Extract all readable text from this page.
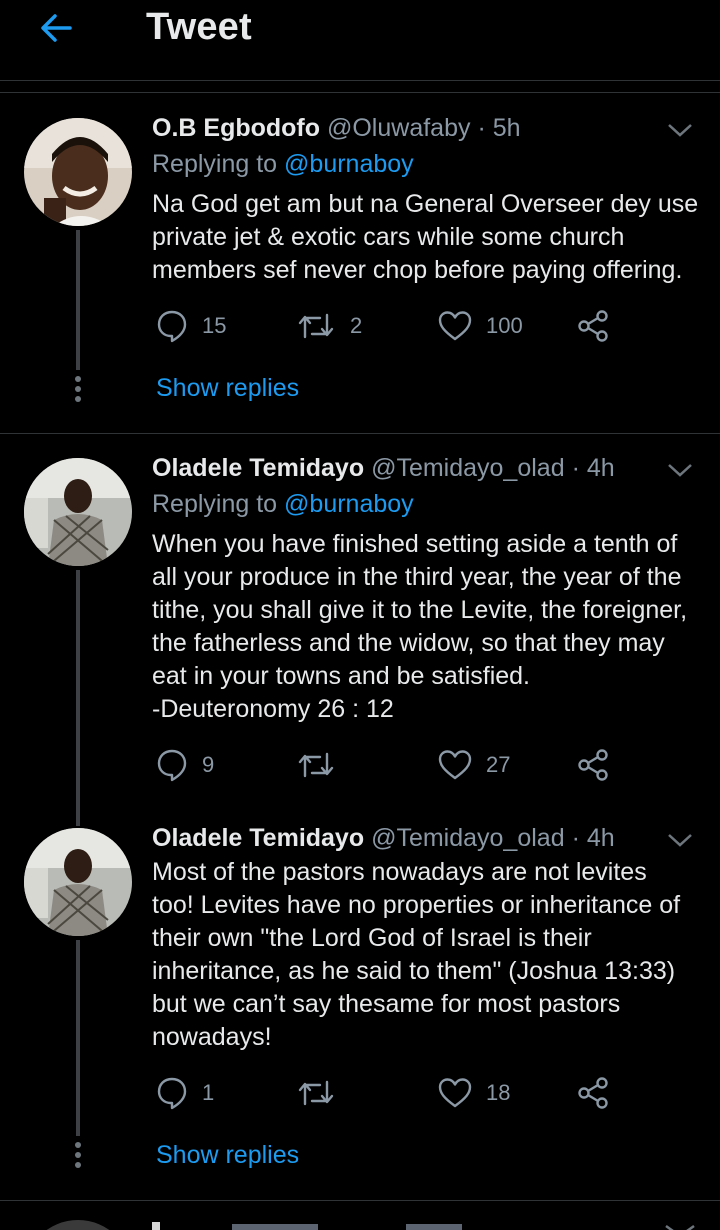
Tweet
O.B Egbodofo @Oluwafaby · 5h
Replying to @burnaboy
Na God get am but na General Overseer dey use private jet & exotic cars while some church members sef never chop before paying offering.
15	2	100
Show replies
Oladele Temidayo @Temidayo_olad · 4h
Replying to @burnaboy
When you have finished setting aside a tenth of
all your produce in the third year, the year of the
tithe, you shall give it to the Levite, the foreigner,
the fatherless and the widow, so that they may
eat in your towns and be satisfied.
-Deuteronomy 26 : 12
9	27
Oladele Temidayo @Temidayo_olad · 4h
Most of the pastors nowadays are not levites
too! Levites have no properties or inheritance of
their own "the Lord God of Israel is their
inheritance, as he said to them" (Joshua 13:33)
but we can’t say thesame for most pastors
nowadays!
1	18
Show replies
